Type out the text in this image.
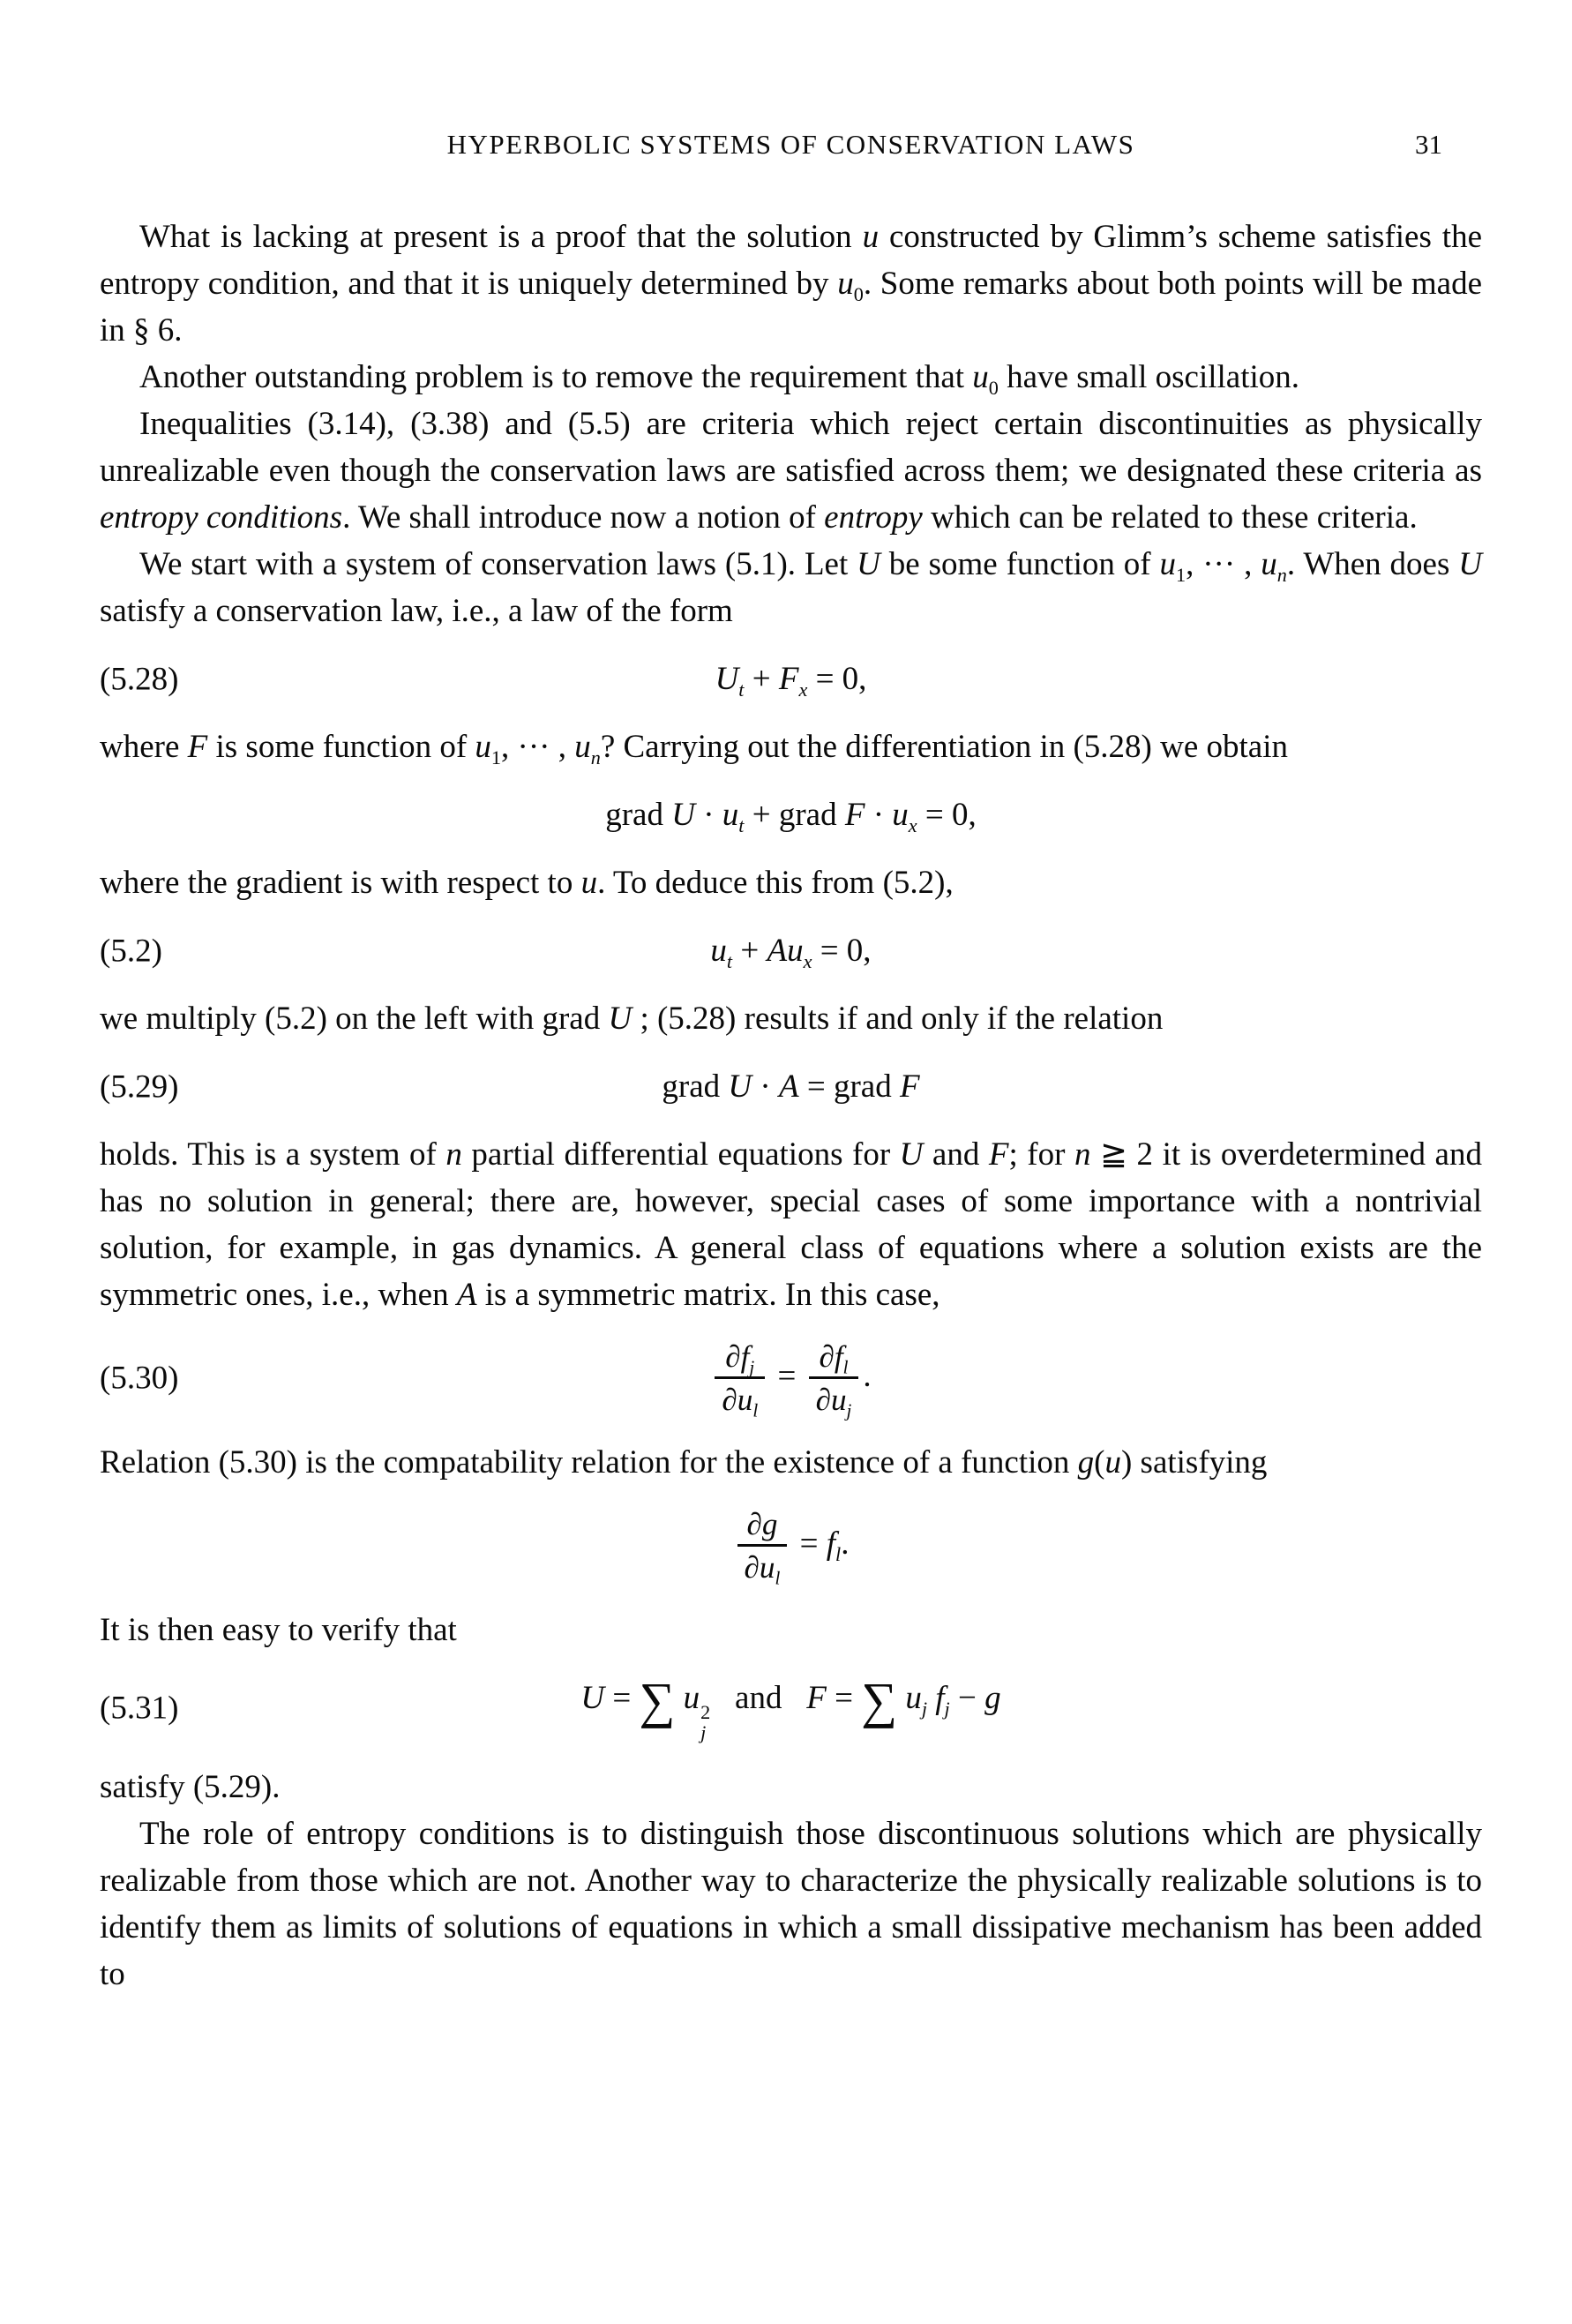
HYPERBOLIC SYSTEMS OF CONSERVATION LAWS	31

What is lacking at present is a proof that the solution u constructed by Glimm’s scheme satisfies the entropy condition, and that it is uniquely determined by $u_0$. Some remarks about both points will be made in § 6.

Another outstanding problem is to remove the requirement that $u_0$ have small oscillation.

Inequalities (3.14), (3.38) and (5.5) are criteria which reject certain discontinuities as physically unrealizable even though the conservation laws are satisfied across them; we designated these criteria as entropy conditions. We shall introduce now a notion of entropy which can be related to these criteria.

We start with a system of conservation laws (5.1). Let U be some function of $u_1$, ··· , $u_n$. When does U satisfy a conservation law, i.e., a law of the form

(5.28)	$U_t + F_x = 0$,

where F is some function of $u_1$, ··· , $u_n$? Carrying out the differentiation in (5.28) we obtain

grad $U \cdot u_t$ + grad $F \cdot u_x = 0$,

where the gradient is with respect to u. To deduce this from (5.2),

(5.2)	$u_t + Au_x = 0$,

we multiply (5.2) on the left with grad U ; (5.28) results if and only if the relation

(5.29)	grad U · A = grad F

holds. This is a system of n partial differential equations for U and F; for n ≧ 2 it is overdetermined and has no solution in general; there are, however, special cases of some importance with a nontrivial solution, for example, in gas dynamics. A general class of equations where a solution exists are the symmetric ones, i.e., when A is a symmetric matrix. In this case,

(5.30)	$\frac{\partial f_j}{\partial u_l} = \frac{\partial f_l}{\partial u_j}$ .

Relation (5.30) is the compatability relation for the existence of a function g(u) satisfying

$\frac{\partial g}{\partial u_l} = f_l$.

It is then easy to verify that

(5.31)	U = ∑ u 2
j
and   F = ∑ $u_j$ $f_j - g$

satisfy (5.29).

The role of entropy conditions is to distinguish those discontinuous solutions which are physically realizable from those which are not. Another way to characterize the physically realizable solutions is to identify them as limits of solutions of equations in which a small dissipative mechanism has been added to
